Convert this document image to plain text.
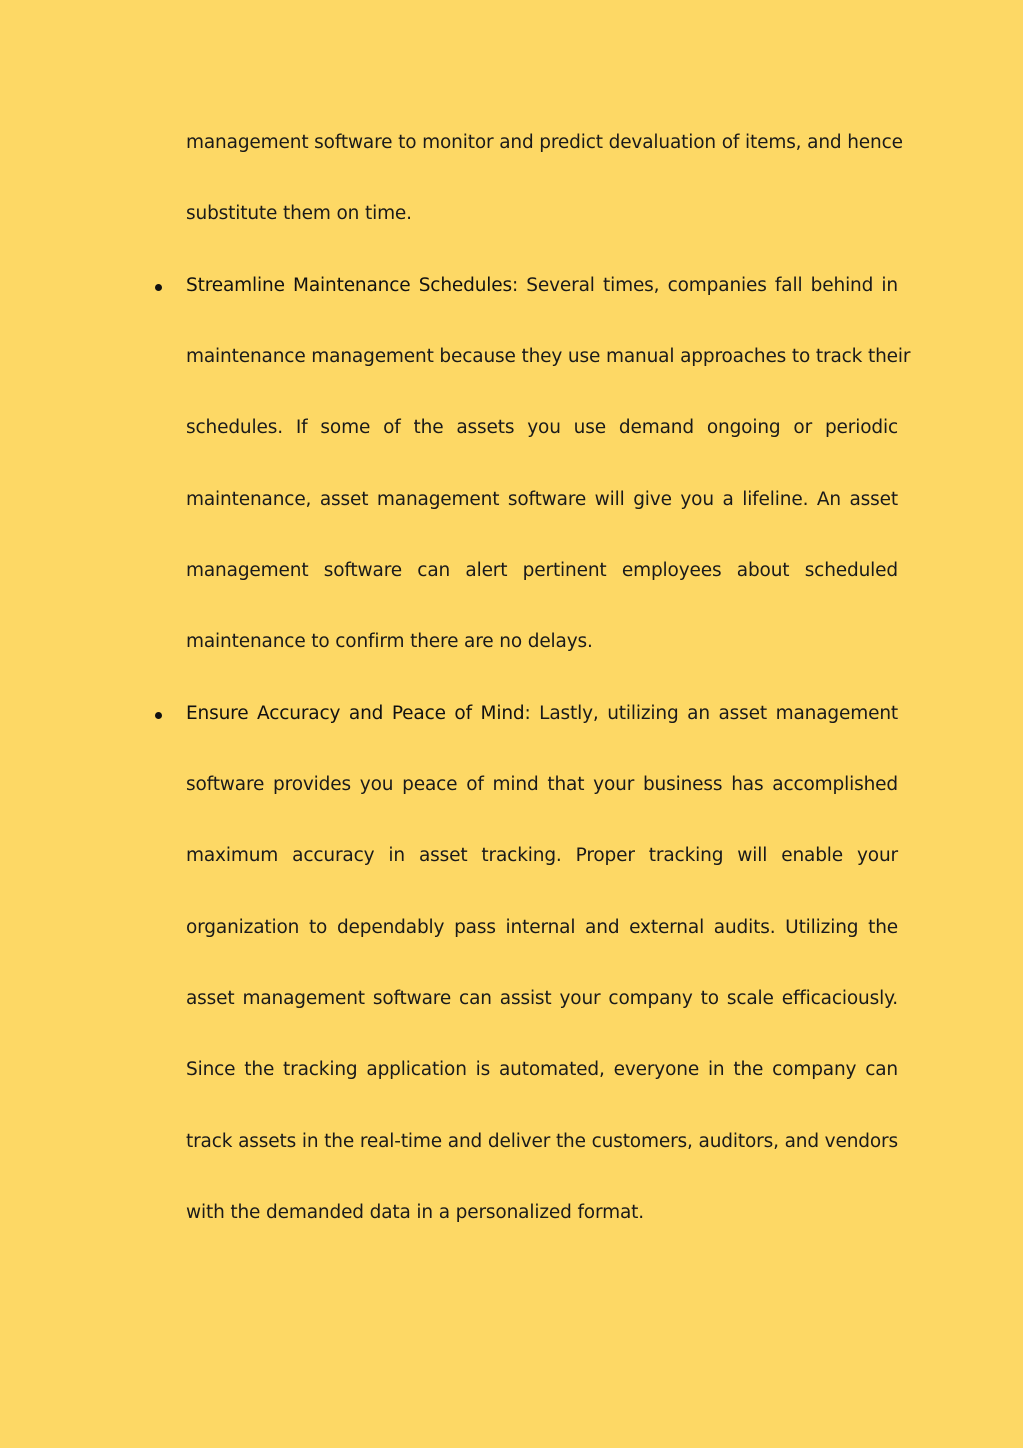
management software to monitor and predict devaluation of items, and hence
substitute them on time.
Streamline Maintenance Schedules: Several times, companies fall behind in
maintenance management because they use manual approaches to track their
schedules. If some of the assets you use demand ongoing or periodic
maintenance, asset management software will give you a lifeline. An asset
management software can alert pertinent employees about scheduled
maintenance to confirm there are no delays.
Ensure Accuracy and Peace of Mind: Lastly, utilizing an asset management
software provides you peace of mind that your business has accomplished
maximum accuracy in asset tracking. Proper tracking will enable your
organization to dependably pass internal and external audits. Utilizing the
asset management software can assist your company to scale efficaciously.
Since the tracking application is automated, everyone in the company can
track assets in the real-time and deliver the customers, auditors, and vendors
with the demanded data in a personalized format.
